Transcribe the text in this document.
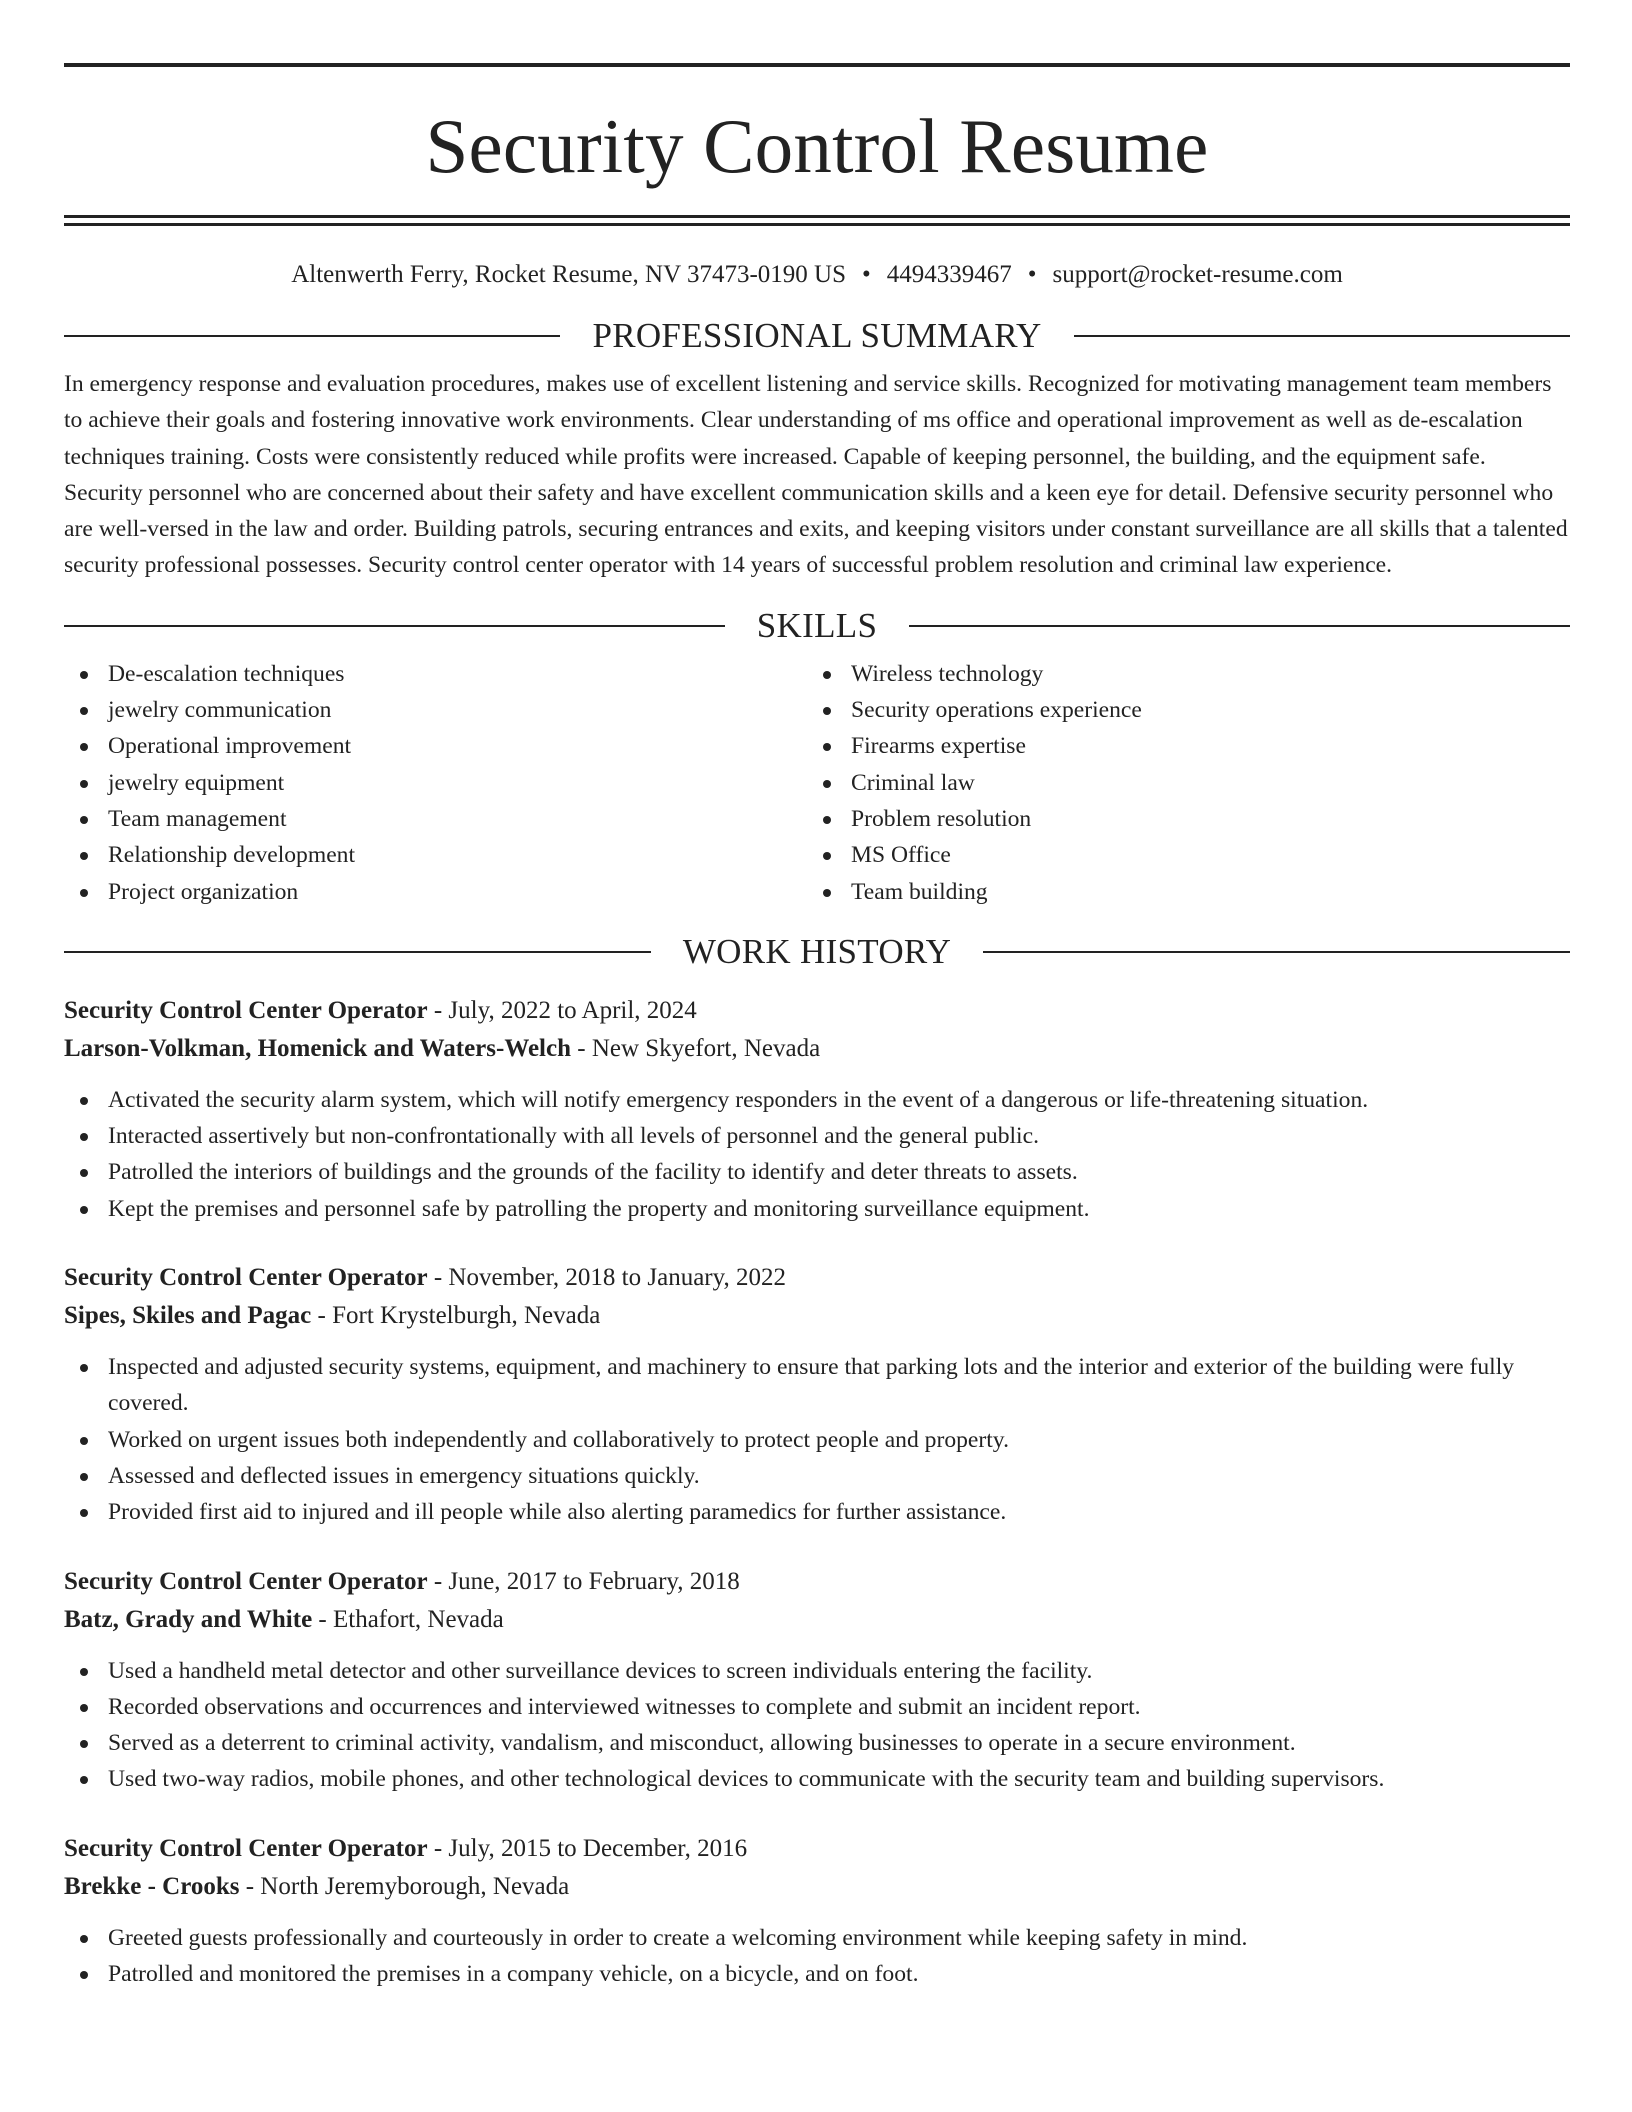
Security Control Resume
Altenwerth Ferry, Rocket Resume, NV 37473-0190 US • 4494339467 • support@rocket-resume.com
PROFESSIONAL SUMMARY

In emergency response and evaluation procedures, makes use of excellent listening and service skills. Recognized for motivating management team members to achieve their goals and fostering innovative work environments. Clear understanding of ms office and operational improvement as well as de-escalation techniques training. Costs were consistently reduced while profits were increased. Capable of keeping personnel, the building, and the equipment safe. Security personnel who are concerned about their safety and have excellent communication skills and a keen eye for detail. Defensive security personnel who are well-versed in the law and order. Building patrols, securing entrances and exits, and keeping visitors under constant surveillance are all skills that a talented security professional possesses. Security control center operator with 14 years of successful problem resolution and criminal law experience.

SKILLS
De-escalation techniques
jewelry communication
Operational improvement
jewelry equipment
Team management
Relationship development
Project organization
Wireless technology
Security operations experience
Firearms expertise
Criminal law
Problem resolution
MS Office
Team building
WORK HISTORY
Security Control Center Operator - July, 2022 to April, 2024
Larson-Volkman, Homenick and Waters-Welch - New Skyefort, Nevada
Activated the security alarm system, which will notify emergency responders in the event of a dangerous or life-threatening situation.
Interacted assertively but non-confrontationally with all levels of personnel and the general public.
Patrolled the interiors of buildings and the grounds of the facility to identify and deter threats to assets.
Kept the premises and personnel safe by patrolling the property and monitoring surveillance equipment.
Security Control Center Operator - November, 2018 to January, 2022
Sipes, Skiles and Pagac - Fort Krystelburgh, Nevada
Inspected and adjusted security systems, equipment, and machinery to ensure that parking lots and the interior and exterior of the building were fully covered.
Worked on urgent issues both independently and collaboratively to protect people and property.
Assessed and deflected issues in emergency situations quickly.
Provided first aid to injured and ill people while also alerting paramedics for further assistance.
Security Control Center Operator - June, 2017 to February, 2018
Batz, Grady and White - Ethafort, Nevada
Used a handheld metal detector and other surveillance devices to screen individuals entering the facility.
Recorded observations and occurrences and interviewed witnesses to complete and submit an incident report.
Served as a deterrent to criminal activity, vandalism, and misconduct, allowing businesses to operate in a secure environment.
Used two-way radios, mobile phones, and other technological devices to communicate with the security team and building supervisors.
Security Control Center Operator - July, 2015 to December, 2016
Brekke - Crooks - North Jeremyborough, Nevada
Greeted guests professionally and courteously in order to create a welcoming environment while keeping safety in mind.
Patrolled and monitored the premises in a company vehicle, on a bicycle, and on foot.
